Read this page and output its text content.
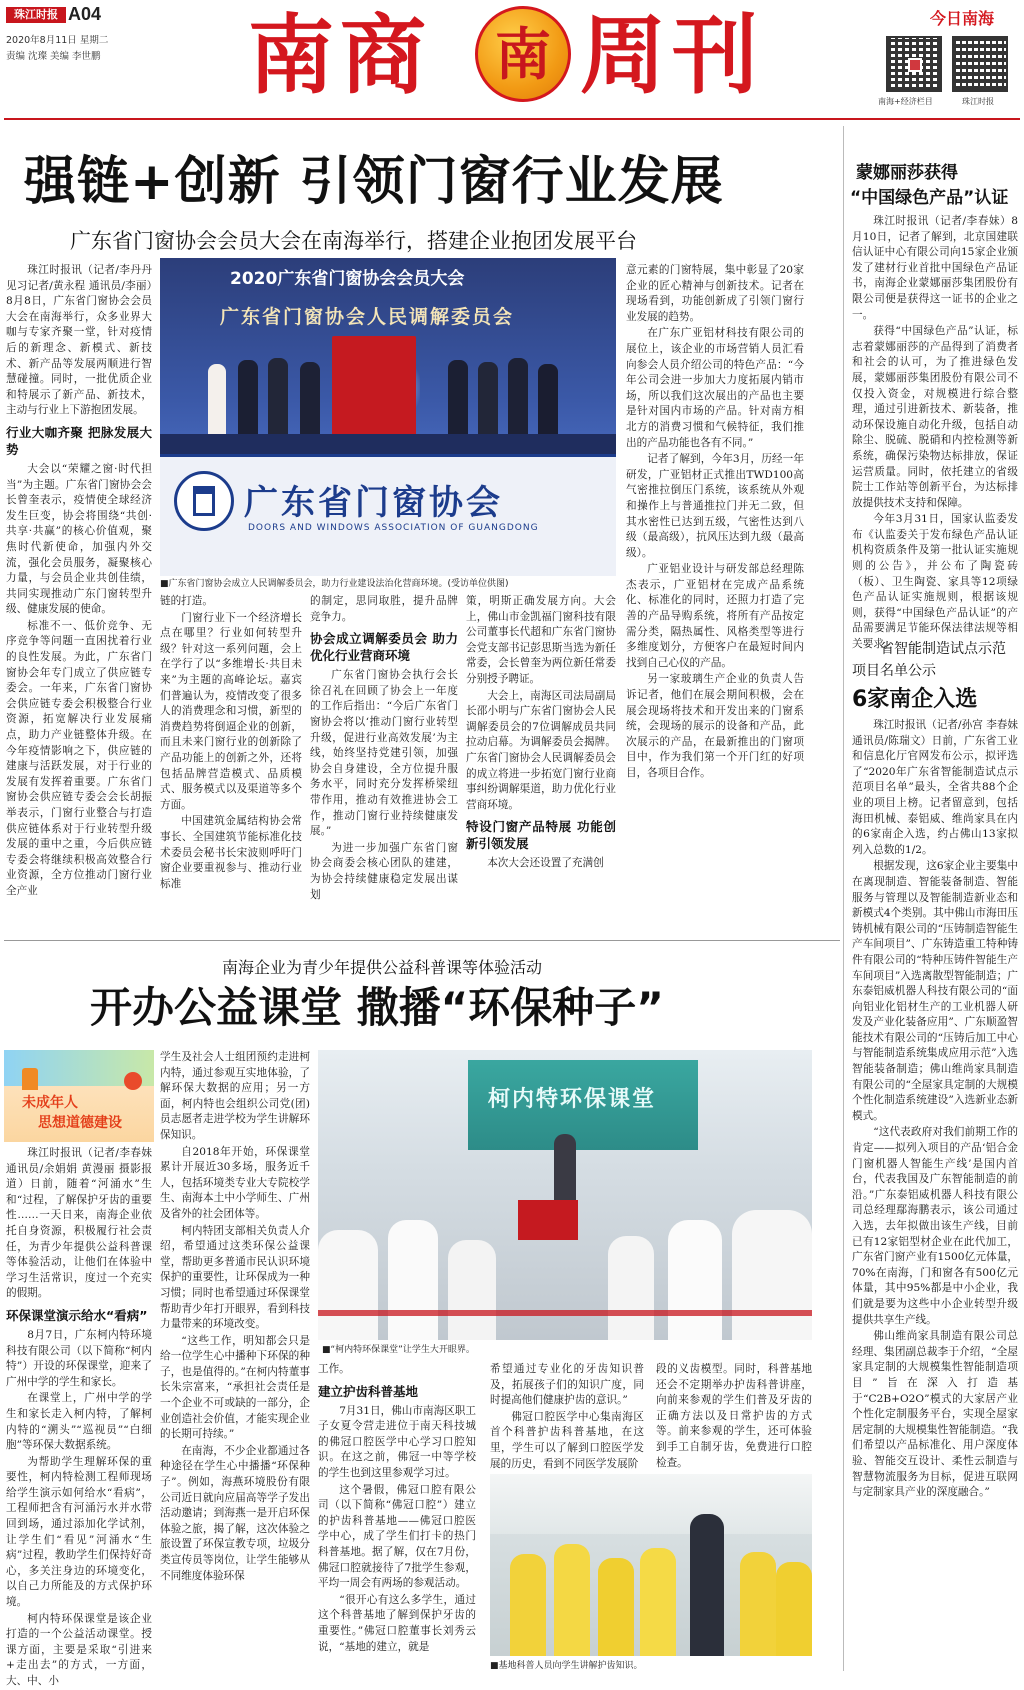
珠江时报 A04
2020年8月11日 星期二
责编 沈璨 美编 李世鹏 南商	南 周刊	今日南海
南海+经济栏目	珠江时报
强链+创新 引领门窗行业发展
广东省门窗协会会员大会在南海举行，搭建企业抱团发展平台

珠江时报讯（记者/李丹丹 见习记者/黄永程 通讯员/李丽）8月8日，广东省门窗协会会员大会在南海举行，众多业界大咖与专家齐聚一堂，针对疫情后的新理念、新模式、新技术、新产品等发展两顺进行智慧碰撞。同时，一批优质企业和特展示了新产品、新技术，主动与行业上下游抱团发展。

行业大咖齐聚 把脉发展大势

大会以“荣耀之窗·时代担当”为主题。广东省门窗协会会长曾奎表示，疫情使全球经济发生巨变，协会将围绕“共创·共享·共赢”的核心价值观，聚焦时代新使命，加强内外交流，强化会员服务，凝聚核心力量，与会员企业共创佳绩，共同实现推动广东门窗转型升级、健康发展的使命。

标准不一、低价竞争、无序竞争等问题一直困扰着行业的良性发展。为此，广东省门窗协会年专门成立了供应链专委会。一年来，广东省门窗协会供应链专委会积极整合行业资源，拓宽解决行业发展痛点，助力产业链整体升级。在今年疫情影响之下，供应链的建康与活跃发展，对于行业的发展有发挥着重要。广东省门窗协会供应链专委会会长胡振举表示，门窗行业整合与打造供应链体系对于行业转型升级发展的重中之重，今后供应链专委会将继续积极高效整合行业资源，全方位推动门窗行业全产业

2020广东省门窗协会会员大会
广东省门窗协会人民调解委员会
广东省门窗协会
DOORS AND WINDOWS ASSOCIATION OF GUANGDONG
■广东省门窗协会成立人民调解委员会，助力行业建设法治化营商环境。(受访单位供图)

链的打造。

门窗行业下一个经济增长点在哪里？行业如何转型升级？针对这一系列问题，会上在学行了以“多维增长·共目未来”为主题的高峰论坛。嘉宾们普遍认为，疫情改变了很多人的消费理念和习惯，新型的消费趋势将倒逼企业的创新，而且未来门窗行业的创新除了产品功能上的创新之外，还将包括品牌营造模式、品质模式、服务模式以及渠道等多个方面。

中国建筑金属结构协会常事长、全国建筑节能标准化技术委员会秘书长宋波则呼吁门窗企业要重视参与、推动行业标准

的制定，思同取胜，提升品牌竞争力。

协会成立调解委员会 助力优化行业营商环境

广东省门窗协会执行会长徐召礼在回顾了协会上一年度的工作后指出：“今后广东省门窗协会将以‘推动门窗行业转型升级，促进行业高效发展’为主线，始终坚持党建引领，加强协会自身建设，全方位提升服务水平，同时充分发挥桥梁纽带作用，推动有效推进协会工作，推动门窗行业持续健康发展。”

为进一步加强广东省门窗协会商委会核心团队的建建，为协会持续健康稳定发展出谋划

策，明斯正确发展方向。大会上，佛山市金凯福门窗科技有限公司董事长代超和广东省门窗协会党支部书记彭思斯当选为新任常委，会长曾奎为两位新任常委分别授予聘证。

大会上，南海区司法局副局长邵小明与广东省门窗协会人民调解委员会的7位调解成员共同拉动启幕。为调解委员会揭牌。广东省门窗协会人民调解委员会的成立将进一步拓宽门窗行业商事纠纷调解渠道，助力优化行业营商环境。

特设门窗产品特展 功能创新引领发展

本次大会还设置了充满创

意元素的门窗特展，集中彰显了20家企业的匠心精神与创新技术。记者在现场看到，功能创新成了引领门窗行业发展的趋势。

在广东广亚铝材科技有限公司的展位上，该企业的市场营销人员汇看向参会人员介绍公司的特色产品：“今年公司会进一步加大力度拓展内销市场，所以我们这次展出的产品也主要是针对国内市场的产品。针对南方相北方的消费习惯和气候特征，我们推出的产品功能也各有不同。”

记者了解到，今年3月，历经一年研发，广亚铝材正式推出TWD100高气密推拉倒压门系统，该系统从外观和操作上与普通推拉门并无二致，但其水密性已达到五级，气密性达到八级（最高级），抗风压达到九级（最高级）。

广亚铝业设计与研发部总经理陈杰表示，广亚铝材在完成产品系统化、标准化的同时，还照力打造了完善的产品导购系统，将所有产品按定需分类，隔热属性、风格类型等进行多维度划分，方便客户在最短时间内找到自己心仪的产品。

另一家玻璃生产企业的负责人告诉记者，他们在展会期间积极，会在展会现场将技术和开发出来的门窗系统，会现场的展示的设备和产品，此次展示的产品，在最新推出的门窗项目中，作为我们第一个开门红的好项目，各项目合作。

蒙娜丽莎获得
“中国绿色产品”认证

珠江时报讯（记者/李春妹）8月10日，记者了解到，北京国建联信认证中心有限公司向15家企业颁发了建材行业首批中国绿色产品证书，南海企业蒙娜丽莎集团股份有限公司便是获得这一证书的企业之一。

获得“中国绿色产品”认证，标志着蒙娜丽莎的产品得到了消费者和社会的认可，为了推进绿色发展，蒙娜丽莎集团股份有限公司不仅投入资金，对规模进行综合整理，通过引进新技术、新装备，推动环保设施自动化升级，包括自动除尘、脱硫、脱硝和内控检测等新系统，确保污染物达标排放，保证运营质量。同时，依托建立的省级院士工作站等创新平台，为达标排放提供技术支持和保障。

今年3月31日，国家认监委发布《认监委关于发布绿色产品认证机构资质条件及第一批认证实施规则的公告》，并公布了陶瓷砖（板）、卫生陶瓷、家具等12项绿色产品认证实施规则，根据该规则，获得“中国绿色产品认证”的产品需要满足节能环保法律法规等相关要求。

省智能制造试点示范
项目名单公示
6家南企入选

珠江时报讯（记者/孙宫 李春妹 通讯员/陈瑞文）日前，广东省工业和信息化厅官网发布公示，拟评选了“2020年广东省智能制造试点示范项目名单”最头，全省共88个企业的项目上榜。记者留意到，包括海田机械、泰铝威、维尚家具在内的6家南企入选，约占佛山13家拟列入总数的1/2。

根据发现，这6家企业主要集中在离现制造、智能装备制造、智能服务与管理以及智能制造新业态和新模式4个类别。其中佛山市海田压铸机械有限公司的“压铸制造智能生产车间项目”、广东铸造重工特种铸件有限公司的“特种压铸件智能生产车间项目”入选离散型智能制造；广东泰铝威机器人科技有限公司的“面向铝业化铝材生产的工业机器人研发及产业化装备应用”、广东顺盈智能技术有限公司的“压铸后加工中心与智能制造系统集成应用示范”入选智能装备制造；佛山维尚家具制造有限公司的“全屋家具定制的大规模个性化制造系统建设”入选新业态新模式。

“这代表政府对我们前期工作的肯定——拟列入项目的产品‘铝合金门窗机器人智能生产线’是国内首台，代表我国及广东智能制造的前沿。”广东泰铝威机器人科技有限公司总经理鄢海鹏表示，该公司通过入选，去年拟做出该生产线，目前已有12家铝型材企业在此代加工，广东省门窗产业有1500亿元体量，70%在南海，门和窗各有500亿元体量，其中95%都是中小企业，我们就是要为这些中小企业转型升级提供共享生产线。

佛山维尚家具制造有限公司总经理、集团副总裁李于介绍，“全屋家具定制的大规模集性智能制造项目”旨在深入打造基于“C2B+O2O”模式的大家居产业个性化定制服务平台，实现全屋家居定制的大规模集性智能制造。“我们希望以产品标准化、用户深度体验、智能交互设计、柔性云制造与智慧物流服务为目标，促进互联网与定制家具产业的深度融合。”

南海企业为青少年提供公益科普课等体验活动
开办公益课堂 撒播“环保种子”
未成年人
思想道德建设

珠江时报讯（记者/李春妹 通讯员/余娟娟 黄漫丽 摄影报道）日前，随着“河涌水”生和“过程，了解保护牙齿的重要性……一天日来，南海企业依托自身资源，积极履行社会责任，为青少年提供公益科普课等体验活动，让他们在体验中学习生活常识，度过一个充实的假期。

环保课堂演示给水“看病”

8月7日，广东柯内特环境科技有限公司（以下简称“柯内特”）开设的环保课堂，迎来了广州中学的学生和家长。

在课堂上，广州中学的学生和家长走入柯内特，了解柯内特的“溯头”“巡视员”“白细胞”等环保大数据系统。

为帮助学生理解环保的重要性，柯内特检测工程师现场给学生演示如何给水“看病”，工程师把含有河涌污水并水带回到场，通过添加化学试剂，让学生们“看见”河涌水“生病”过程，教助学生们保持好奇心，多关注身边的环境变化，以自己力所能及的方式保护环境。

柯内特环保课堂是该企业打造的一个公益活动课堂。授课方面，主要是采取“引进来+走出去”的方式，一方面，大、中、小

学生及社会人士组团预约走进柯内特，通过参观互实地体验，了解环保大数据的应用；另一方面，柯内特也会组织公司党(团)员志愿者走进学校为学生讲解环保知识。

自2018年开始，环保课堂累计开展近30多场，服务近千人，包括环境类专业大专院校学生、南海本土中小学师生、广州及省外的社会团体等。

柯内特团支部相关负责人介绍，希望通过这类环保公益课堂，帮助更多普通市民认识环境保护的重要性，让环保成为一种习惯；同时也希望通过环保课堂帮助青少年打开眼界，看到科技力量带来的环境改变。

“这些工作，明知都会只是给一位学生心中播种下环保的种子，也是值得的。”在柯内特董事长朱宗富来，“承担社会责任是一个企业不可或缺的一部分，企业创造社会价值，才能实现企业的长期可持续。”

在南海，不少企业都通过各种途径在学生心中播播“环保种子”。例如，海燕环境股份有限公司近日就向应届高等学子发出活动邀请；到海燕一是开启环保体验之旅，揭了解，这次体验之旅设置了环保宣教专项，垃圾分类宣传员等岗位，让学生能够从不同维度体验环保

柯内特环保课堂
■“柯内特环保课堂”让学生大开眼界。

工作。

建立护齿科普基地

7月31日，佛山市南海区职工子女夏令营走进位于南天科技城的佛冠口腔医学中心学习口腔知识。在这之前，佛冠一中等学校的学生也到这里参观学习过。

这个暑假，佛冠口腔有限公司（以下简称“佛冠口腔”）建立的护齿科普基地——佛冠口腔医学中心，成了学生们打卡的热门科普基地。据了解，仅在7月份，佛冠口腔就接待了7批学生参观，平均一周会有两场的参观活动。

“很开心有这么多学生，通过这个科普基地了解到保护牙齿的重要性。”佛冠口腔董事长刘秀云说，“基地的建立，就是

希望通过专业化的牙齿知识普及，拓展孩子们的知识广度，同时提高他们健康护齿的意识。”

佛冠口腔医学中心集南海区首个科普护齿科普基地，在这里，学生可以了解到口腔医学发展的历史，看到不同医学发展阶

段的义齿模型。同时，科普基地还会不定期举办护齿科普讲座，向前来参观的学生们普及牙齿的正确方法以及日常护齿的方式等。前来参观的学生，还可体验到手工自制牙齿，免费进行口腔检查。

■基地科普人员向学生讲解护齿知识。
